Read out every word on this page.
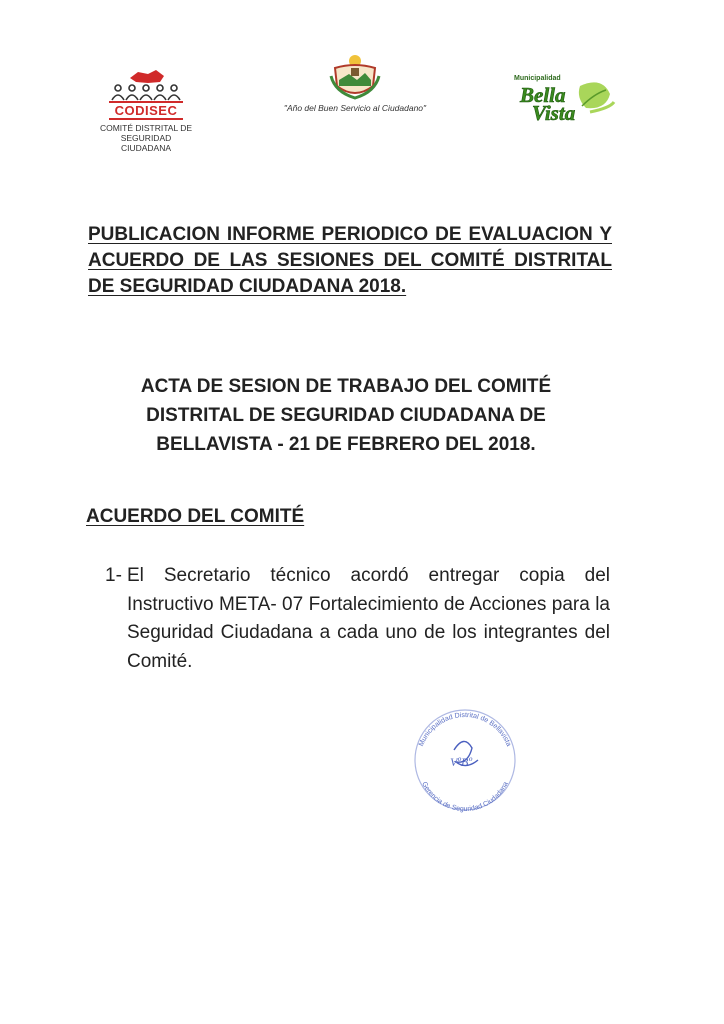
CODISEC
COMITÉ DISTRITAL DE SEGURIDAD
CIUDADANA
"Año del Buen Servicio al Ciudadano"
Bella
Vista
Municipalidad
PUBLICACION INFORME PERIODICO DE EVALUACION Y ACUERDO DE LAS SESIONES DEL COMITÉ DISTRITAL DE SEGURIDAD CIUDADANA 2018.
ACTA DE SESION DE TRABAJO DEL COMITÉ DISTRITAL DE SEGURIDAD CIUDADANA DE BELLAVISTA - 21 DE FEBRERO DEL 2018.
ACUERDO DEL COMITÉ
1- El Secretario técnico acordó entregar copia del Instructivo META- 07 Fortalecimiento de Acciones para la Seguridad Ciudadana a cada uno de los integrantes del Comité.
Municipalidad Distrital de Bellavista
Gerencia de Seguridad Ciudadana
VºBº
